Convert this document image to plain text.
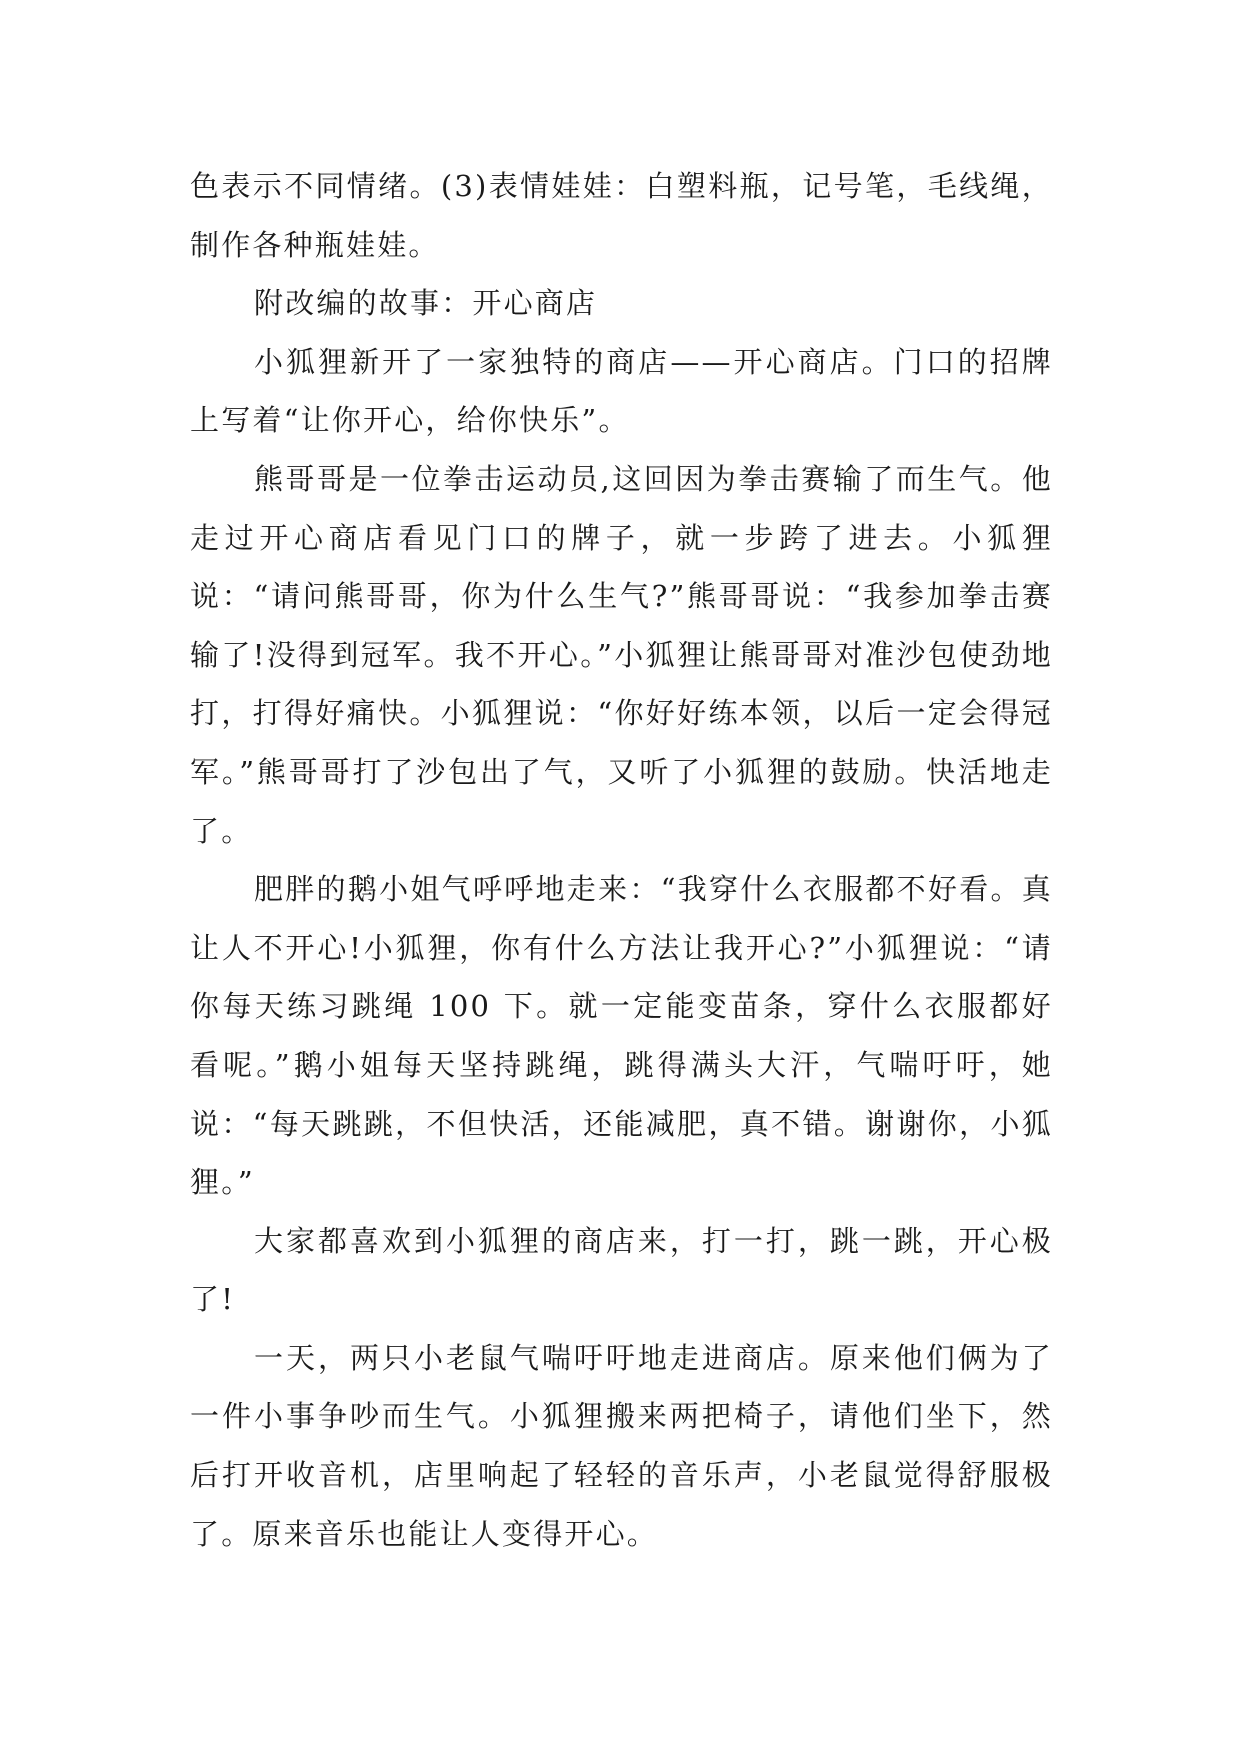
色表示不同情绪。(3)表情娃娃：白塑料瓶，记号笔，毛线绳，制作各种瓶娃娃。

附改编的故事：开心商店

小狐狸新开了一家独特的商店——开心商店。门口的招牌上写着“让你开心，给你快乐”。

熊哥哥是一位拳击运动员,这回因为拳击赛输了而生气。他走过开心商店看见门口的牌子，就一步跨了进去。小狐狸说：“请问熊哥哥，你为什么生气?”熊哥哥说：“我参加拳击赛输了!没得到冠军。我不开心。”小狐狸让熊哥哥对准沙包使劲地打，打得好痛快。小狐狸说：“你好好练本领，以后一定会得冠军。”熊哥哥打了沙包出了气，又听了小狐狸的鼓励。快活地走了。

肥胖的鹅小姐气呼呼地走来：“我穿什么衣服都不好看。真让人不开心!小狐狸，你有什么方法让我开心?”小狐狸说：“请你每天练习跳绳 100 下。就一定能变苗条，穿什么衣服都好看呢。”鹅小姐每天坚持跳绳，跳得满头大汗，气喘吁吁，她说：“每天跳跳，不但快活，还能减肥，真不错。谢谢你，小狐狸。”

大家都喜欢到小狐狸的商店来，打一打，跳一跳，开心极了!

一天，两只小老鼠气喘吁吁地走进商店。原来他们俩为了一件小事争吵而生气。小狐狸搬来两把椅子，请他们坐下，然后打开收音机，店里响起了轻轻的音乐声，小老鼠觉得舒服极了。原来音乐也能让人变得开心。
